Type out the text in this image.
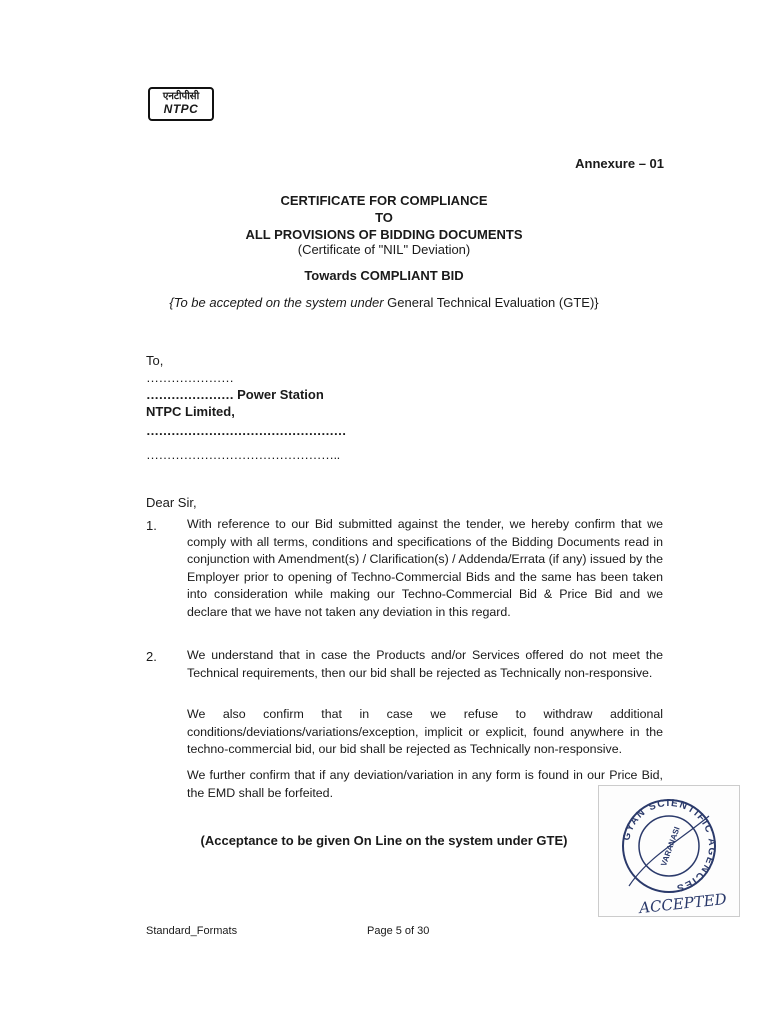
एनटीपीसी
NTPC
Annexure – 01
CERTIFICATE FOR COMPLIANCE
TO
ALL PROVISIONS OF BIDDING DOCUMENTS
(Certificate of "NIL" Deviation)
Towards COMPLIANT BID
{To be accepted on the system under General Technical Evaluation (GTE)}
To,
…………………
………………… Power Station
NTPC Limited,
…………………………………………
………………………………………..
Dear Sir,
1. With reference to our Bid submitted against the tender, we hereby confirm that we comply with all terms, conditions and specifications of the Bidding Documents read in conjunction with Amendment(s) / Clarification(s) / Addenda/Errata (if any) issued by the Employer prior to opening of Techno-Commercial Bids and the same has been taken into consideration while making our Techno-Commercial Bid & Price Bid and we declare that we have not taken any deviation in this regard.
2. We understand that in case the Products and/or Services offered do not meet the Technical requirements, then our bid shall be rejected as Technically non-responsive.
We also confirm that in case we refuse to withdraw additional conditions/deviations/variations/exception, implicit or explicit, found anywhere in the techno-commercial bid, our bid shall be rejected as Technically non-responsive.
We further confirm that if any deviation/variation in any form is found in our Price Bid, the EMD shall be forfeited.
(Acceptance to be given On Line on the system under GTE)	GYAN SCIENTIFIC AGENCIES
VARANASI
ACCEPTED
Standard_Formats	Page 5 of 30
